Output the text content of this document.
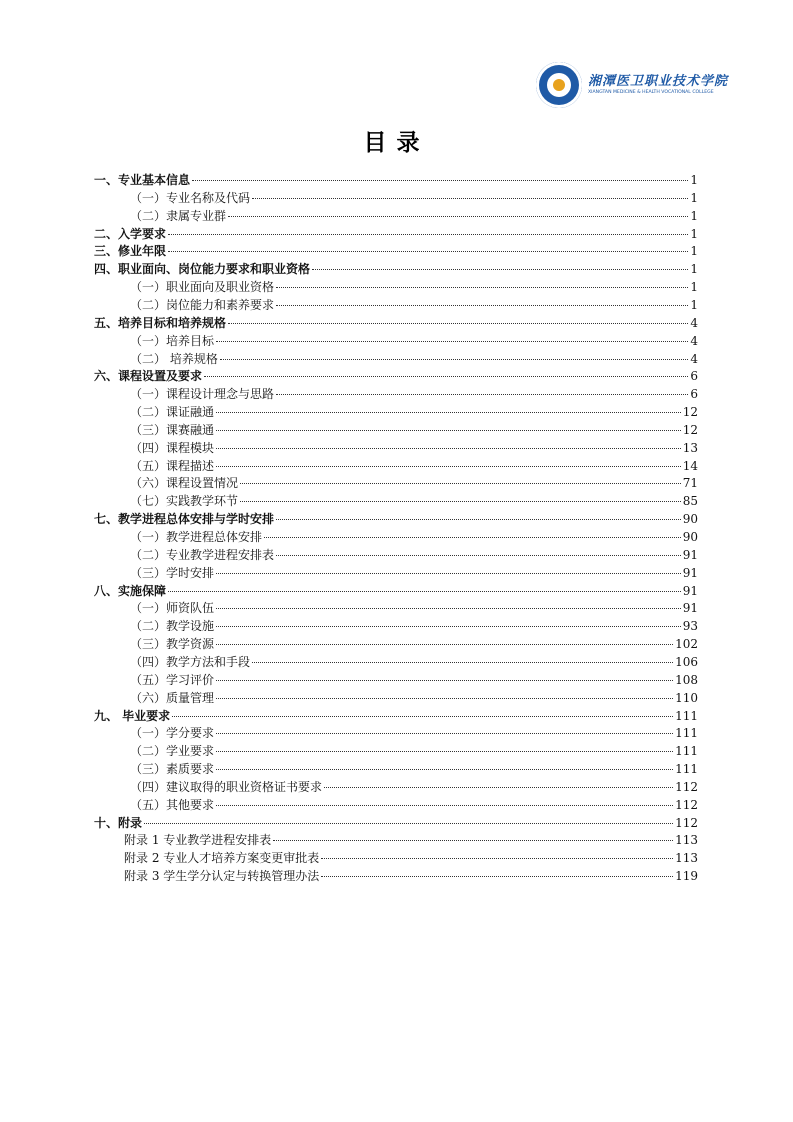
湘潭医卫职业技术学院
XIANGTAN MEDICINE & HEALTH VOCATIONAL COLLEGE
目录
一、专业基本信息	1
（一）专业名称及代码	1
（二）隶属专业群	1
二、入学要求	1
三、修业年限	1
四、职业面向、岗位能力要求和职业资格	1
（一）职业面向及职业资格	1
（二）岗位能力和素养要求	1
五、培养目标和培养规格	4
（一）培养目标	4
（二） 培养规格	4
六、课程设置及要求	6
（一）课程设计理念与思路	6
（二）课证融通	12
（三）课赛融通	12
（四）课程模块	13
（五）课程描述	14
（六）课程设置情况	71
（七）实践教学环节	85
七、教学进程总体安排与学时安排	90
（一）教学进程总体安排	90
（二）专业教学进程安排表	91
（三）学时安排	91
八、实施保障	91
（一）师资队伍	91
（二）教学设施	93
（三）教学资源	102
（四）教学方法和手段	106
（五）学习评价	108
（六）质量管理	110
九、 毕业要求	111
（一）学分要求	111
（二）学业要求	111
（三）素质要求	111
（四）建议取得的职业资格证书要求	112
（五）其他要求	112
十、附录	112
附录 1 专业教学进程安排表	113
附录 2 专业人才培养方案变更审批表	113
附录 3 学生学分认定与转换管理办法	119
